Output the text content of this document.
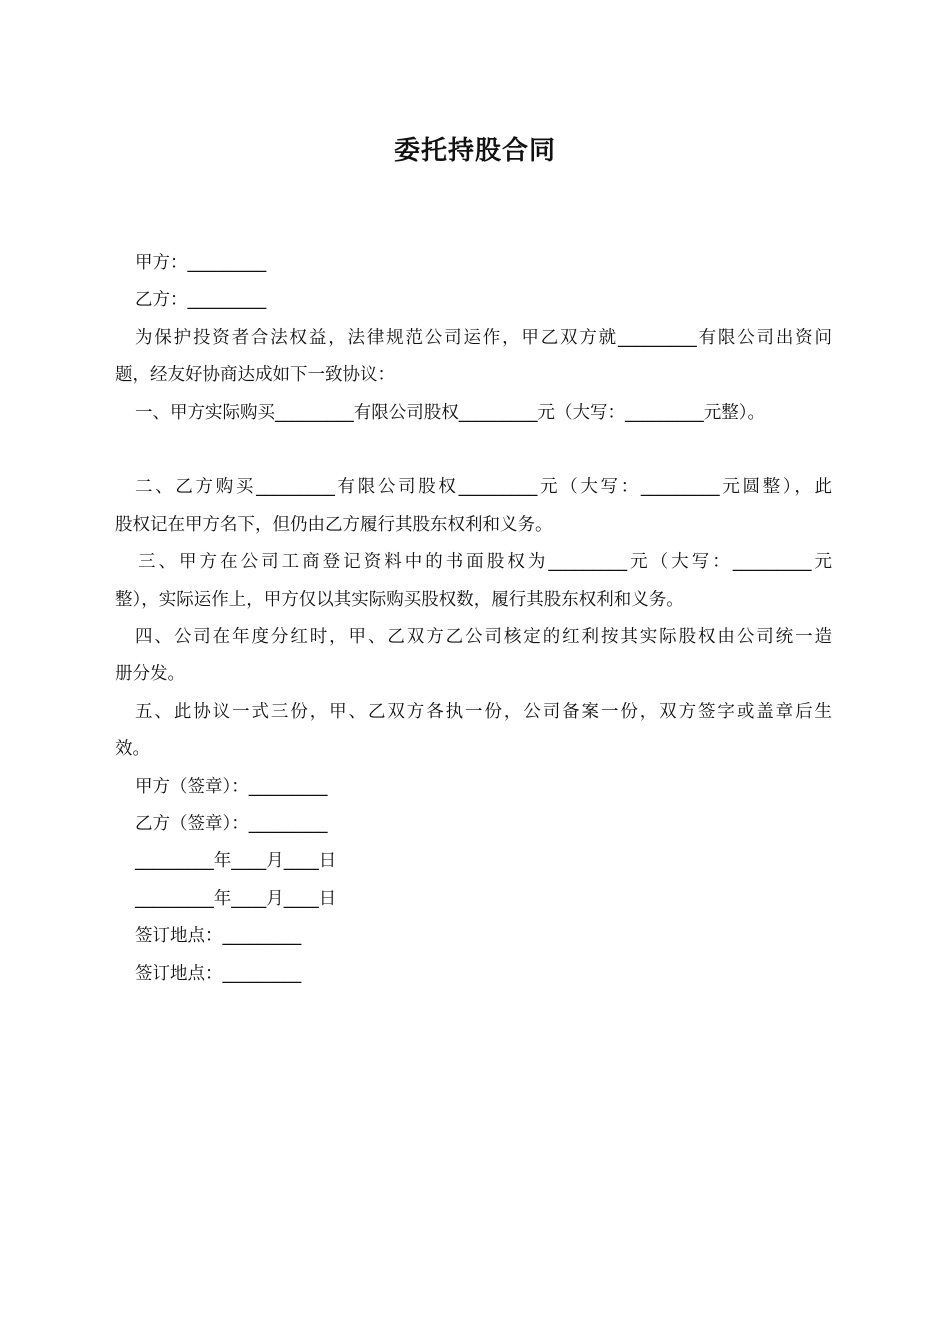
委托持股合同

甲方：_________

乙方：_________

为保护投资者合法权益，法律规范公司运作，甲乙双方就_________有限公司出资问

题，经友好协商达成如下一致协议：

一、甲方实际购买_________有限公司股权_________元（大写：_________元整）。

二、乙方购买_________有限公司股权_________元（大写：_________元圆整），此

股权记在甲方名下，但仍由乙方履行其股东权利和义务。

三、甲方在公司工商登记资料中的书面股权为_________元（大写：_________元

整），实际运作上，甲方仅以其实际购买股权数，履行其股东权利和义务。

四、公司在年度分红时，甲、乙双方乙公司核定的红利按其实际股权由公司统一造

册分发。

五、此协议一式三份，甲、乙双方各执一份，公司备案一份，双方签字或盖章后生

效。

甲方（签章）：_________

乙方（签章）：_________

_________年____月____日

_________年____月____日

签订地点：_________

签订地点：_________
